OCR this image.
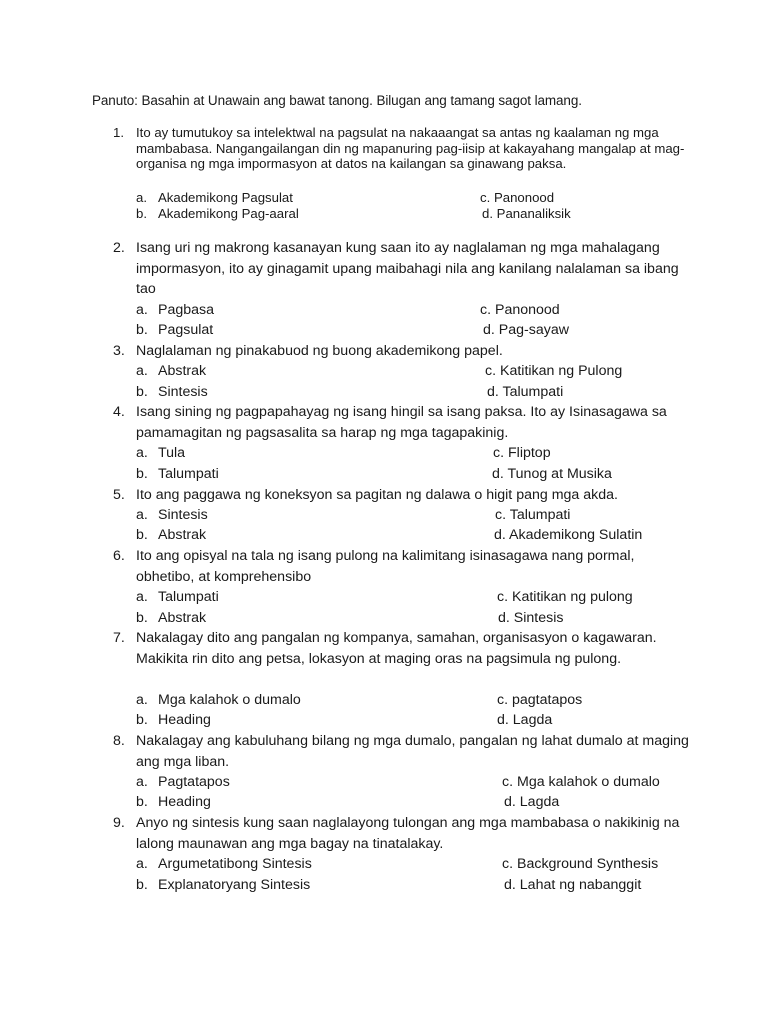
Panuto: Basahin at Unawain ang bawat tanong. Bilugan ang tamang sagot lamang.
1. Ito ay tumutukoy sa intelektwal na pagsulat na nakaaangat sa antas ng kaalaman ng mga mambabasa. Nangangailangan din ng mapanuring pag-iisip at kakayahang mangalap at mag-organisa ng mga impormasyon at datos na kailangan sa ginawang paksa.
a. Akademikong Pagsulat	c. Panonood
b. Akademikong Pag-aaral	d. Pananaliksik
2. Isang uri ng makrong kasanayan kung saan ito ay naglalaman ng mga mahalagang impormasyon, ito ay ginagamit upang maibahagi nila ang kanilang nalalaman sa ibang tao
a. Pagbasa	c. Panonood
b. Pagsulat	d. Pag-sayaw
3. Naglalaman ng pinakabuod ng buong akademikong papel.
a. Abstrak	c. Katitikan ng Pulong
b. Sintesis	d. Talumpati
4. Isang sining ng pagpapahayag ng isang hingil sa isang paksa. Ito ay Isinasagawa sa pamamagitan ng pagsasalita sa harap ng mga tagapakinig.
a. Tula	c. Fliptop
b. Talumpati	d. Tunog at Musika
5. Ito ang paggawa ng koneksyon sa pagitan ng dalawa o higit pang mga akda.
a. Sintesis	c. Talumpati
b. Abstrak	d. Akademikong Sulatin
6. Ito ang opisyal na tala ng isang pulong na kalimitang isinasagawa nang pormal, obhetibo, at komprehensibo
a. Talumpati	c. Katitikan ng pulong
b. Abstrak	d. Sintesis
7. Nakalagay dito ang pangalan ng kompanya, samahan, organisasyon o kagawaran. Makikita rin dito ang petsa, lokasyon at maging oras na pagsimula ng pulong.
a. Mga kalahok o dumalo	c. pagtatapos
b. Heading	d. Lagda
8. Nakalagay ang kabuluhang bilang ng mga dumalo, pangalan ng lahat dumalo at maging ang mga liban.
a. Pagtatapos	c. Mga kalahok o dumalo
b. Heading	d. Lagda
9. Anyo ng sintesis kung saan naglalayong tulongan ang mga mambabasa o nakikinig na lalong maunawan ang mga bagay na tinatalakay.
a. Argumetatibong Sintesis	c. Background Synthesis
b. Explanatoryang Sintesis	d. Lahat ng nabanggit
